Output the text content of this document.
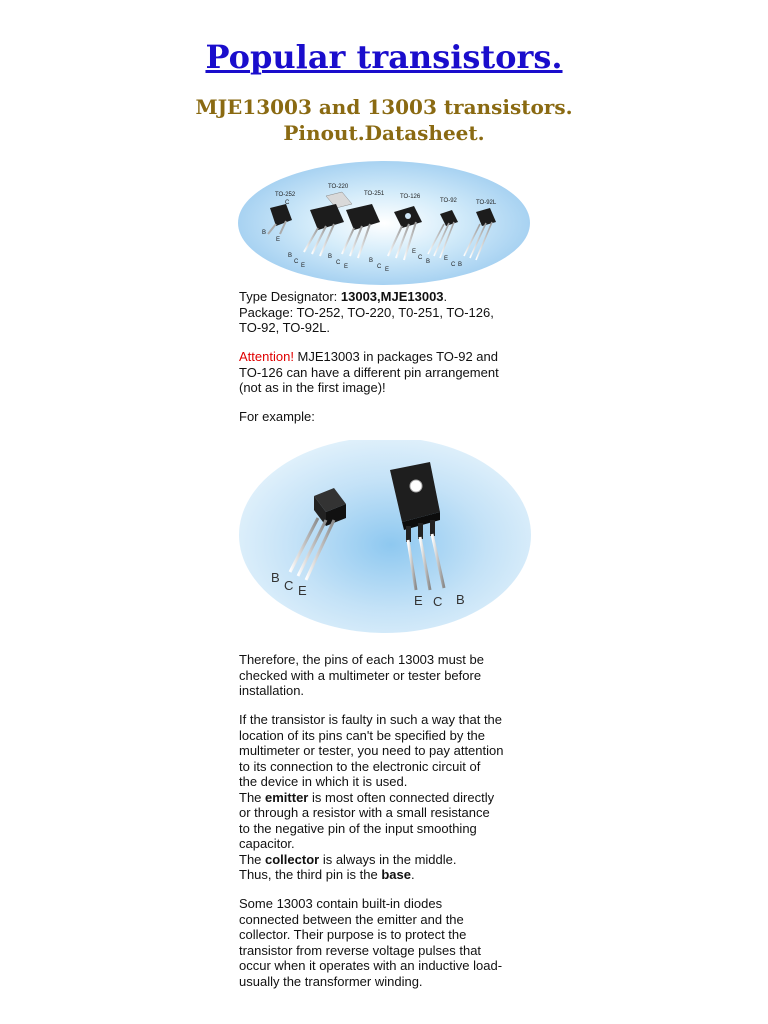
Popular transistors.
MJE13003 and 13003 transistors.
Pinout.Datasheet.
TO-252
TO-220
TO-251	TO-126
TO-92	TO-92L
C
B
E
B
C
E
B
C
E
B
C E
E
C
B E
C B

Type Designator: 13003,MJE13003.

Package: TO-252, TO-220, T0-251, TO-126,

TO-92, TO-92L.

Attention! MJE13003 in packages TO-92 and

TO-126 can have a different pin arrangement

(not as in the first image)!

For example:
B
C E
E C B

Therefore, the pins of each 13003 must be

checked with a multimeter or tester before

installation.

If the transistor is faulty in such a way that the

location of its pins can't be specified by the

multimeter or tester, you need to pay attention

to its connection to the electronic circuit of

the device in which it is used.

The emitter is most often connected directly

or through a resistor with a small resistance

to the negative pin of the input smoothing

capacitor.

The collector is always in the middle.

Thus, the third pin is the base.

Some 13003 contain built-in diodes

connected between the emitter and the

collector. Their purpose is to protect the

transistor from reverse voltage pulses that

occur when it operates with an inductive load-

usually the transformer winding.
